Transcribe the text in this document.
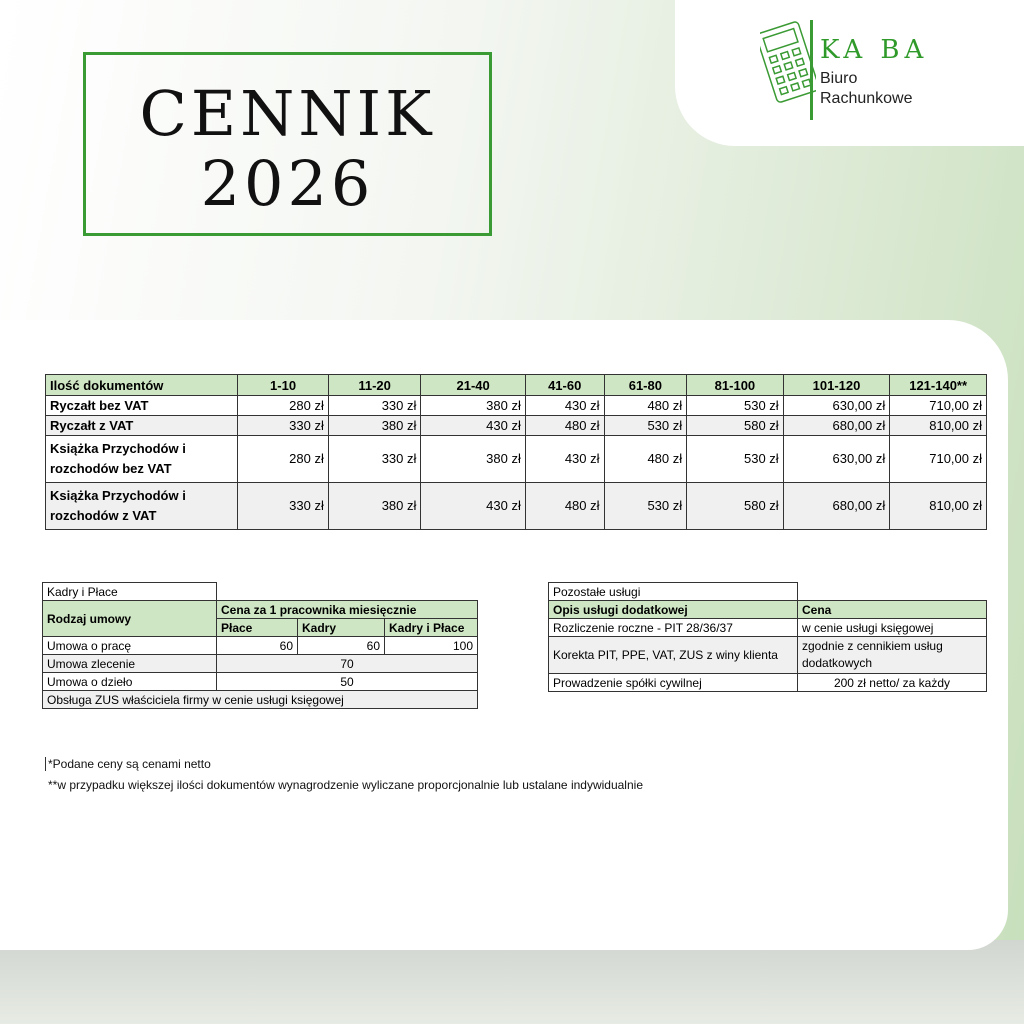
CENNIK
2026
KA BA
Biuro
Rachunkowe
Ilość dokumentów	1-10	11-20	21-40	41-60	61-80	81-100	101-120	121-140**
Ryczałt bez VAT	280 zł	330 zł	380 zł	430 zł	480 zł	530 zł	630,00 zł	710,00 zł
Ryczałt z VAT	330 zł	380 zł	430 zł	480 zł	530 zł	580 zł	680,00 zł	810,00 zł
Książka Przychodów i rozchodów bez VAT	280 zł	330 zł	380 zł	430 zł	480 zł	530 zł	630,00 zł	710,00 zł
Książka Przychodów i rozchodów z VAT	330 zł	380 zł	430 zł	480 zł	530 zł	580 zł	680,00 zł	810,00 zł
Kadry i Płace			
Rodzaj umowy	Cena za 1 pracownika miesięcznie		
	Płace	Kadry	Kadry i Płace
Umowa o pracę	60	60	100
Umowa zlecenie	70		
Umowa o dzieło	50		
Obsługa ZUS właściciela firmy w cenie usługi księgowej			
Pozostałe usługi	
Opis usługi dodatkowej	Cena
Rozliczenie roczne - PIT 28/36/37	w cenie usługi księgowej
Korekta PIT, PPE, VAT, ZUS z winy klienta	zgodnie z cennikiem usług dodatkowych
Prowadzenie spółki cywilnej	200 zł netto/ za każdy
*Podane ceny są cenami netto
**w przypadku większej ilości dokumentów wynagrodzenie wyliczane proporcjonalnie lub ustalane indywidualnie
